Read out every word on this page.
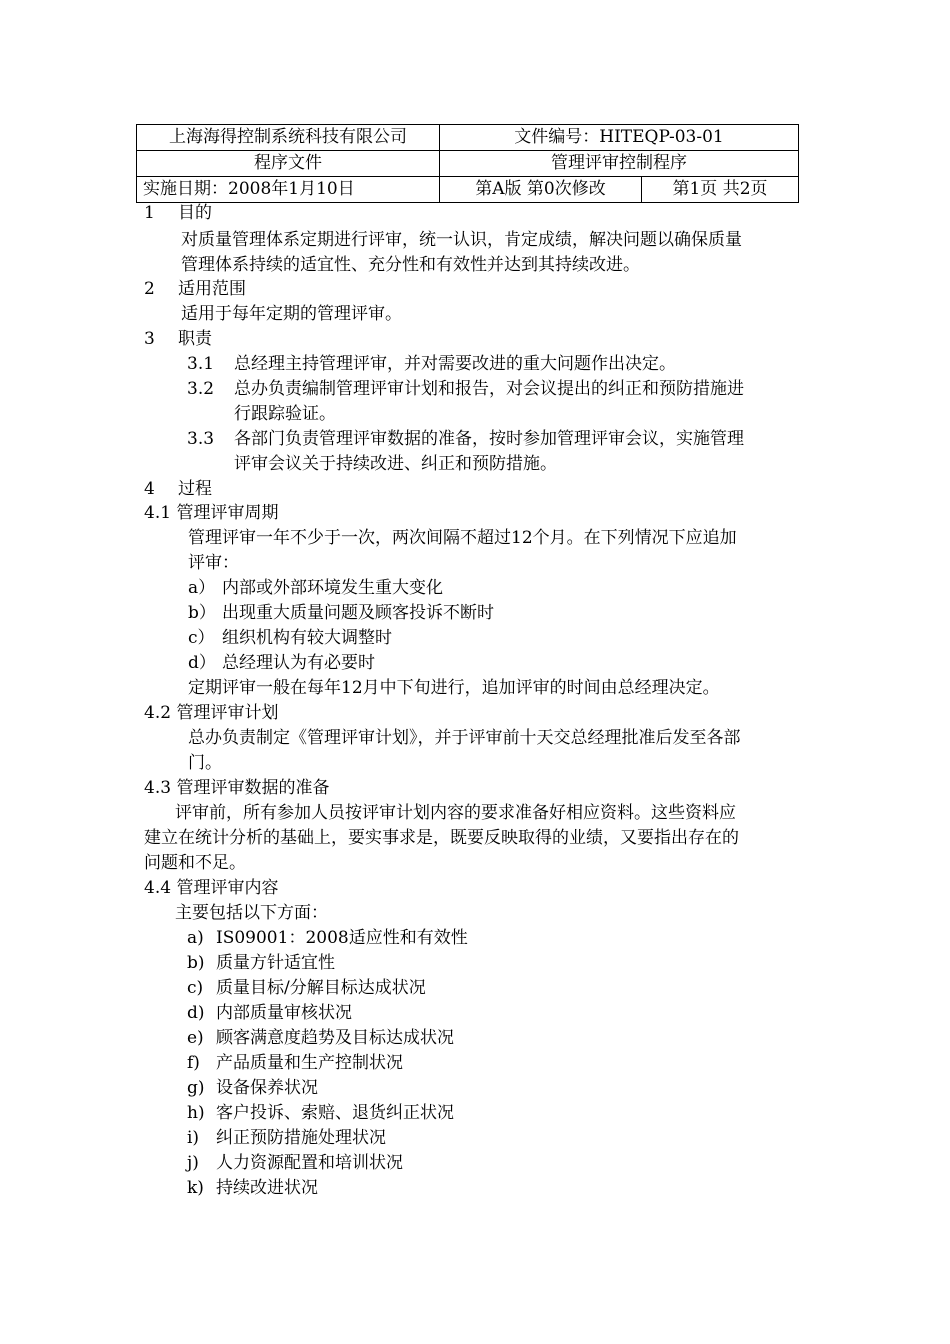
上海海得控制系统科技有限公司	文件编号：HITEQP-03-01	
程序文件	管理评审控制程序	
实施日期：2008年1月10日	第A版 第0次修改	第1页 共2页
1 目的
对质量管理体系定期进行评审，统一认识，肯定成绩，解决问题以确保质量
管理体系持续的适宜性、充分性和有效性并达到其持续改进。
2 适用范围
适用于每年定期的管理评审。
3 职责
3.1 总经理主持管理评审，并对需要改进的重大问题作出决定。
3.2 总办负责编制管理评审计划和报告，对会议提出的纠正和预防措施进
行跟踪验证。
3.3 各部门负责管理评审数据的准备，按时参加管理评审会议，实施管理
评审会议关于持续改进、纠正和预防措施。
4 过程
4.1 管理评审周期
管理评审一年不少于一次，两次间隔不超过12个月。在下列情况下应追加
评审：
a） 内部或外部环境发生重大变化
b） 出现重大质量问题及顾客投诉不断时
c） 组织机构有较大调整时
d） 总经理认为有必要时
定期评审一般在每年12月中下旬进行，追加评审的时间由总经理决定。
4.2 管理评审计划
总办负责制定《管理评审计划》，并于评审前十天交总经理批准后发至各部
门。
4.3 管理评审数据的准备
评审前，所有参加人员按评审计划内容的要求准备好相应资料。这些资料应
建立在统计分析的基础上，要实事求是，既要反映取得的业绩，又要指出存在的
问题和不足。
4.4 管理评审内容
主要包括以下方面：
a) IS09001：2008适应性和有效性
b) 质量方针适宜性
c) 质量目标/分解目标达成状况
d) 内部质量审核状况
e) 顾客满意度趋势及目标达成状况
f) 产品质量和生产控制状况
g) 设备保养状况
h) 客户投诉、索赔、退货纠正状况
i) 纠正预防措施处理状况
j) 人力资源配置和培训状况
k) 持续改进状况
